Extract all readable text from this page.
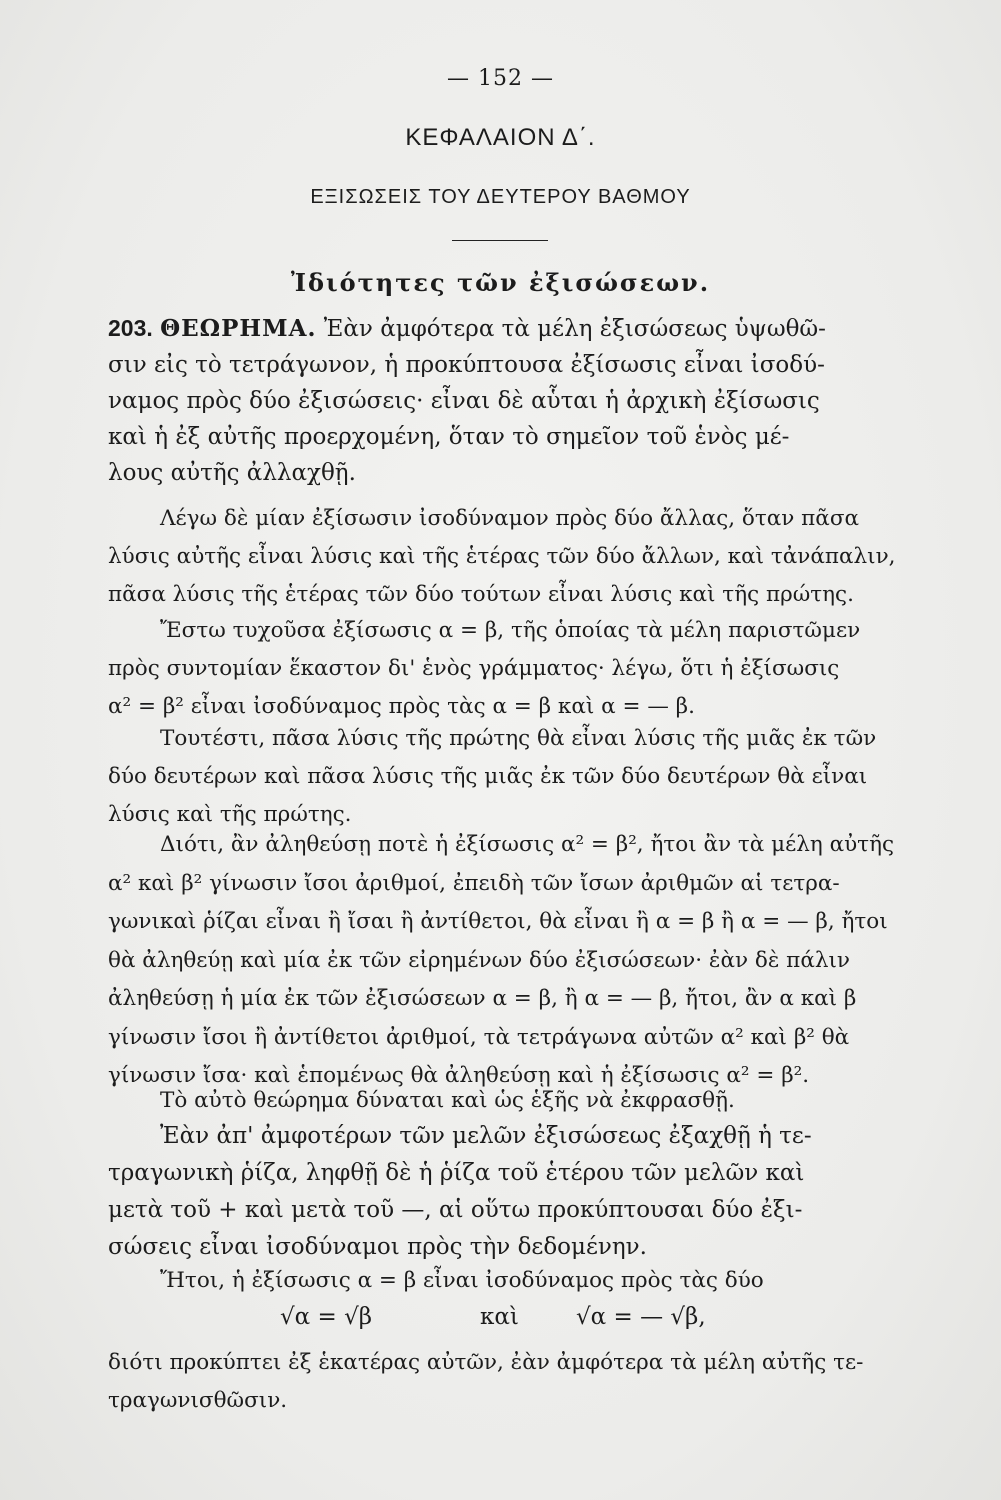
— 152 —
ΚΕΦΑΛΑΙΟΝ Δ΄.
ΕΞΙΣΩΣΕΙΣ ΤΟΥ ΔΕΥΤΕΡΟΥ ΒΑΘΜΟΥ
Ἰδιότητες τῶν ἐξισώσεων.
203. ΘΕΩΡΗΜΑ. Ἐὰν ἀμφότερα τὰ μέλη ἐξισώσεως ὑψωθῶ-
σιν εἰς τὸ τετράγωνον, ἡ προκύπτουσα ἐξίσωσις εἶναι ἰσοδύ-
ναμος πρὸς δύο ἐξισώσεις· εἶναι δὲ αὗται ἡ ἀρχικὴ ἐξίσωσις
καὶ ἡ ἐξ αὐτῆς προερχομένη, ὅταν τὸ σημεῖον τοῦ ἑνὸς μέ-
λους αὐτῆς ἀλλαχθῇ.
Λέγω δὲ μίαν ἐξίσωσιν ἰσοδύναμον πρὸς δύο ἄλλας, ὅταν πᾶσα
λύσις αὐτῆς εἶναι λύσις καὶ τῆς ἑτέρας τῶν δύο ἄλλων, καὶ τἀνάπαλιν,
πᾶσα λύσις τῆς ἑτέρας τῶν δύο τούτων εἶναι λύσις καὶ τῆς πρώτης.
Ἔστω τυχοῦσα ἐξίσωσις α = β, τῆς ὁποίας τὰ μέλη παριστῶμεν
πρὸς συντομίαν ἕκαστον δι' ἑνὸς γράμματος· λέγω, ὅτι ἡ ἐξίσωσις
α² = β² εἶναι ἰσοδύναμος πρὸς τὰς α = β καὶ α = — β.
Τουτέστι, πᾶσα λύσις τῆς πρώτης θὰ εἶναι λύσις τῆς μιᾶς ἐκ τῶν
δύο δευτέρων καὶ πᾶσα λύσις τῆς μιᾶς ἐκ τῶν δύο δευτέρων θὰ εἶναι
λύσις καὶ τῆς πρώτης.
Διότι, ἂν ἀληθεύσῃ ποτὲ ἡ ἐξίσωσις α² = β², ἤτοι ἂν τὰ μέλη αὐτῆς
α² καὶ β² γίνωσιν ἴσοι ἀριθμοί, ἐπειδὴ τῶν ἴσων ἀριθμῶν αἱ τετρα-
γωνικαὶ ῥίζαι εἶναι ἢ ἴσαι ἢ ἀντίθετοι, θὰ εἶναι ἢ α = β ἢ α = — β, ἤτοι
θὰ ἀληθεύῃ καὶ μία ἐκ τῶν εἰρημένων δύο ἐξισώσεων· ἐὰν δὲ πάλιν
ἀληθεύσῃ ἡ μία ἐκ τῶν ἐξισώσεων α = β, ἢ α = — β, ἤτοι, ἂν α καὶ β
γίνωσιν ἴσοι ἢ ἀντίθετοι ἀριθμοί, τὰ τετράγωνα αὐτῶν α² καὶ β² θὰ
γίνωσιν ἴσα· καὶ ἑπομένως θὰ ἀληθεύσῃ καὶ ἡ ἐξίσωσις α² = β².
Τὸ αὐτὸ θεώρημα δύναται καὶ ὡς ἑξῆς νὰ ἐκφρασθῇ.
Ἐὰν ἀπ' ἀμφοτέρων τῶν μελῶν ἐξισώσεως ἐξαχθῇ ἡ τε-
τραγωνικὴ ῥίζα, ληφθῇ δὲ ἡ ῥίζα τοῦ ἑτέρου τῶν μελῶν καὶ
μετὰ τοῦ + καὶ μετὰ τοῦ —, αἱ οὕτω προκύπτουσαι δύο ἐξι-
σώσεις εἶναι ἰσοδύναμοι πρὸς τὴν δεδομένην.
Ἤτοι, ἡ ἐξίσωσις α = β εἶναι ἰσοδύναμος πρὸς τὰς δύο
√α = √β	καὶ √α = — √β,
διότι προκύπτει ἐξ ἑκατέρας αὐτῶν, ἐὰν ἀμφότερα τὰ μέλη αὐτῆς τε-
τραγωνισθῶσιν.
